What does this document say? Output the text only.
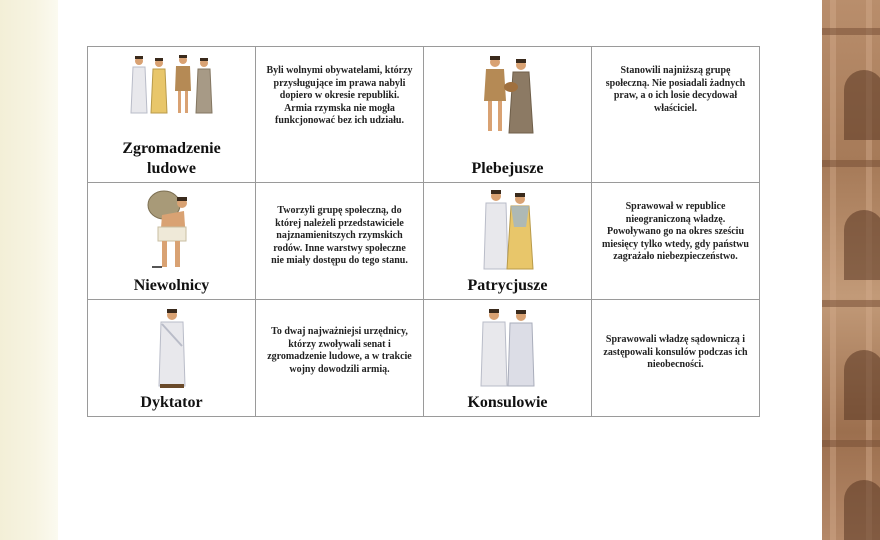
Zgromadzenie
ludowe	Byli wolnymi obywatelami, którzy przysługujące im prawa nabyli dopiero w okresie republiki. Armia rzymska nie mogła funkcjonować bez ich udziału.	Plebejusze	Stanowili najniższą grupę społeczną. Nie posiadali żadnych praw, a o ich losie decydował właściciel.

Niewolnicy	Tworzyli grupę społeczną, do której należeli przedstawiciele najznamienitszych rzymskich rodów. Inne warstwy społeczne nie miały dostępu do tego stanu.	Patrycjusze	Sprawował w republice nieograniczoną władzę. Powoływano go na okres sześciu miesięcy tylko wtedy, gdy państwu zagrażało niebezpieczeństwo.

Dyktator	To dwaj najważniejsi urzędnicy, którzy zwoływali senat i zgromadzenie ludowe, a w trakcie wojny dowodzili armią.	Konsulowie	Sprawowali władzę sądowniczą i zastępowali konsulów podczas ich nieobecności.
